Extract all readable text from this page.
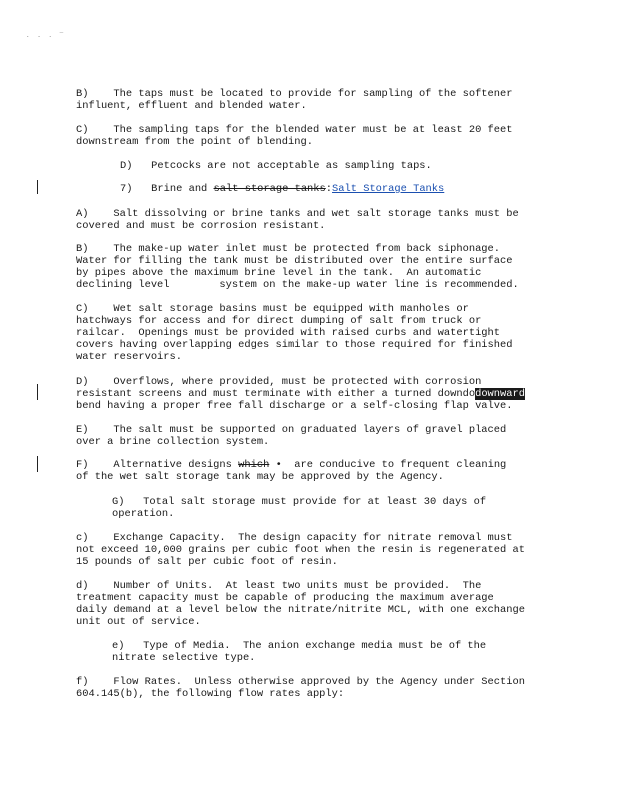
. . . ‾

B)    The taps must be located to provide for sampling of the softener
influent, effluent and blended water.

C)    The sampling taps for the blended water must be at least 20 feet
downstream from the point of blending.

D)   Petcocks are not acceptable as sampling taps.

7)   Brine and salt storage tanks:Salt Storage Tanks

A)    Salt dissolving or brine tanks and wet salt storage tanks must be
covered and must be corrosion resistant.

B)    The make-up water inlet must be protected from back siphonage.
Water for filling the tank must be distributed over the entire surface
by pipes above the maximum brine level in the tank.  An automatic
declining level        system on the make-up water line is recommended.

C)    Wet salt storage basins must be equipped with manholes or
hatchways for access and for direct dumping of salt from truck or
railcar.  Openings must be provided with raised curbs and watertight
covers having overlapping edges similar to those required for finished
water reservoirs.

D)    Overflows, where provided, must be protected with corrosion
resistant screens and must terminate with either a turned downdodownward
bend having a proper free fall discharge or a self-closing flap valve.

E)    The salt must be supported on graduated layers of gravel placed
over a brine collection system.

F)    Alternative designs which •  are conducive to frequent cleaning
of the wet salt storage tank may be approved by the Agency.

G)   Total salt storage must provide for at least 30 days of
operation.

c)    Exchange Capacity.  The design capacity for nitrate removal must
not exceed 10,000 grains per cubic foot when the resin is regenerated at
15 pounds of salt per cubic foot of resin.

d)    Number of Units.  At least two units must be provided.  The
treatment capacity must be capable of producing the maximum average
daily demand at a level below the nitrate/nitrite MCL, with one exchange
unit out of service.

e)   Type of Media.  The anion exchange media must be of the
nitrate selective type.

f)    Flow Rates.  Unless otherwise approved by the Agency under Section
604.145(b), the following flow rates apply:
